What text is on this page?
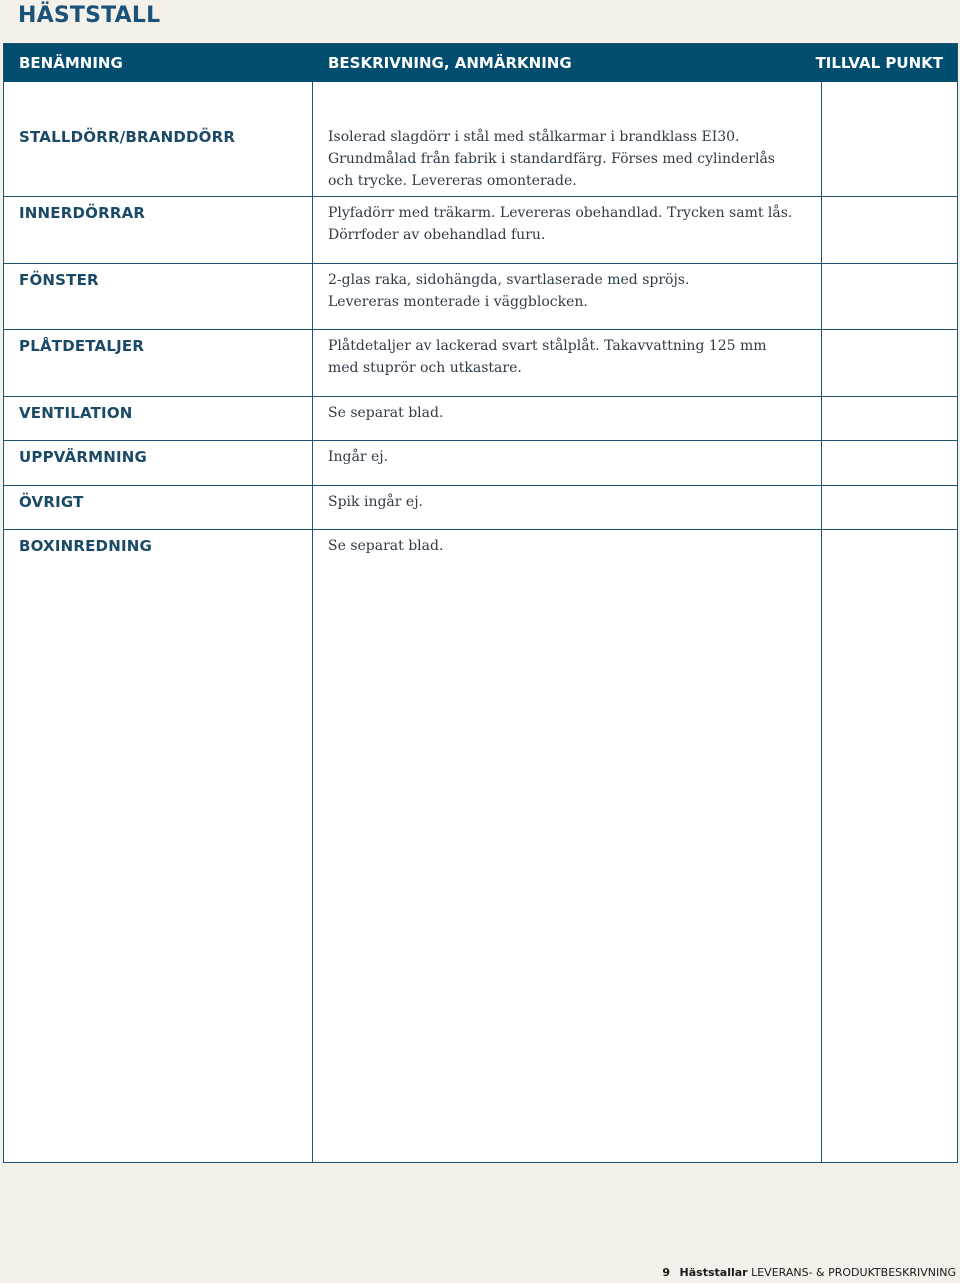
HÄSTSTALL
BENÄMNING	BESKRIVNING, ANMÄRKNING	TILLVAL PUNKT
STALLDÖRR/BRANDDÖRR	Isolerad slagdörr i stål med stålkarmar i brandklass EI30.
Grundmålad från fabrik i standardfärg. Förses med cylinderlås
och trycke. Levereras omonterade.
INNERDÖRRAR	Plyfadörr med träkarm. Levereras obehandlad. Trycken samt lås.
Dörrfoder av obehandlad furu.
FÖNSTER	2-glas raka, sidohängda, svartlaserade med spröjs.
Levereras monterade i väggblocken.
PLÅTDETALJER	Plåtdetaljer av lackerad svart stålplåt. Takavvattning 125 mm
med stuprör och utkastare.
VENTILATION	Se separat blad.
UPPVÄRMNING	Ingår ej.
ÖVRIGT	Spik ingår ej.
BOXINREDNING	Se separat blad.
9 Häststallar LEVERANS- & PRODUKTBESKRIVNING
